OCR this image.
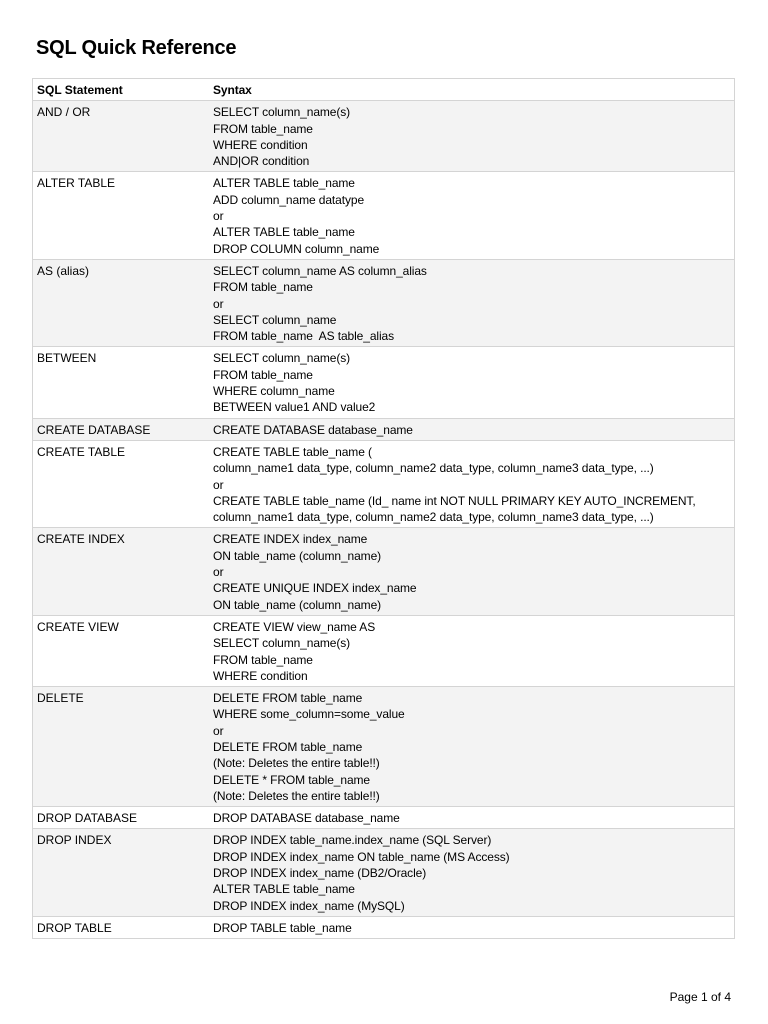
SQL Quick Reference
SQL Statement	Syntax
AND / OR	SELECT column_name(s)
FROM table_name
WHERE condition
AND|OR condition
ALTER TABLE	ALTER TABLE table_name
ADD column_name datatype
or
ALTER TABLE table_name
DROP COLUMN column_name
AS (alias)	SELECT column_name AS column_alias
FROM table_name
or
SELECT column_name
FROM table_name  AS table_alias
BETWEEN	SELECT column_name(s)
FROM table_name
WHERE column_name
BETWEEN value1 AND value2
CREATE DATABASE	CREATE DATABASE database_name
CREATE TABLE	CREATE TABLE table_name (
column_name1 data_type, column_name2 data_type, column_name3 data_type, ...)
or
CREATE TABLE table_name (Id_ name int NOT NULL PRIMARY KEY AUTO_INCREMENT,
column_name1 data_type, column_name2 data_type, column_name3 data_type, ...)
CREATE INDEX	CREATE INDEX index_name
ON table_name (column_name)
or
CREATE UNIQUE INDEX index_name
ON table_name (column_name)
CREATE VIEW	CREATE VIEW view_name AS
SELECT column_name(s)
FROM table_name
WHERE condition
DELETE	DELETE FROM table_name
WHERE some_column=some_value
or
DELETE FROM table_name
(Note: Deletes the entire table!!)
DELETE * FROM table_name
(Note: Deletes the entire table!!)
DROP DATABASE	DROP DATABASE database_name
DROP INDEX	DROP INDEX table_name.index_name (SQL Server)
DROP INDEX index_name ON table_name (MS Access)
DROP INDEX index_name (DB2/Oracle)
ALTER TABLE table_name
DROP INDEX index_name (MySQL)
DROP TABLE	DROP TABLE table_name
Page 1 of 4
